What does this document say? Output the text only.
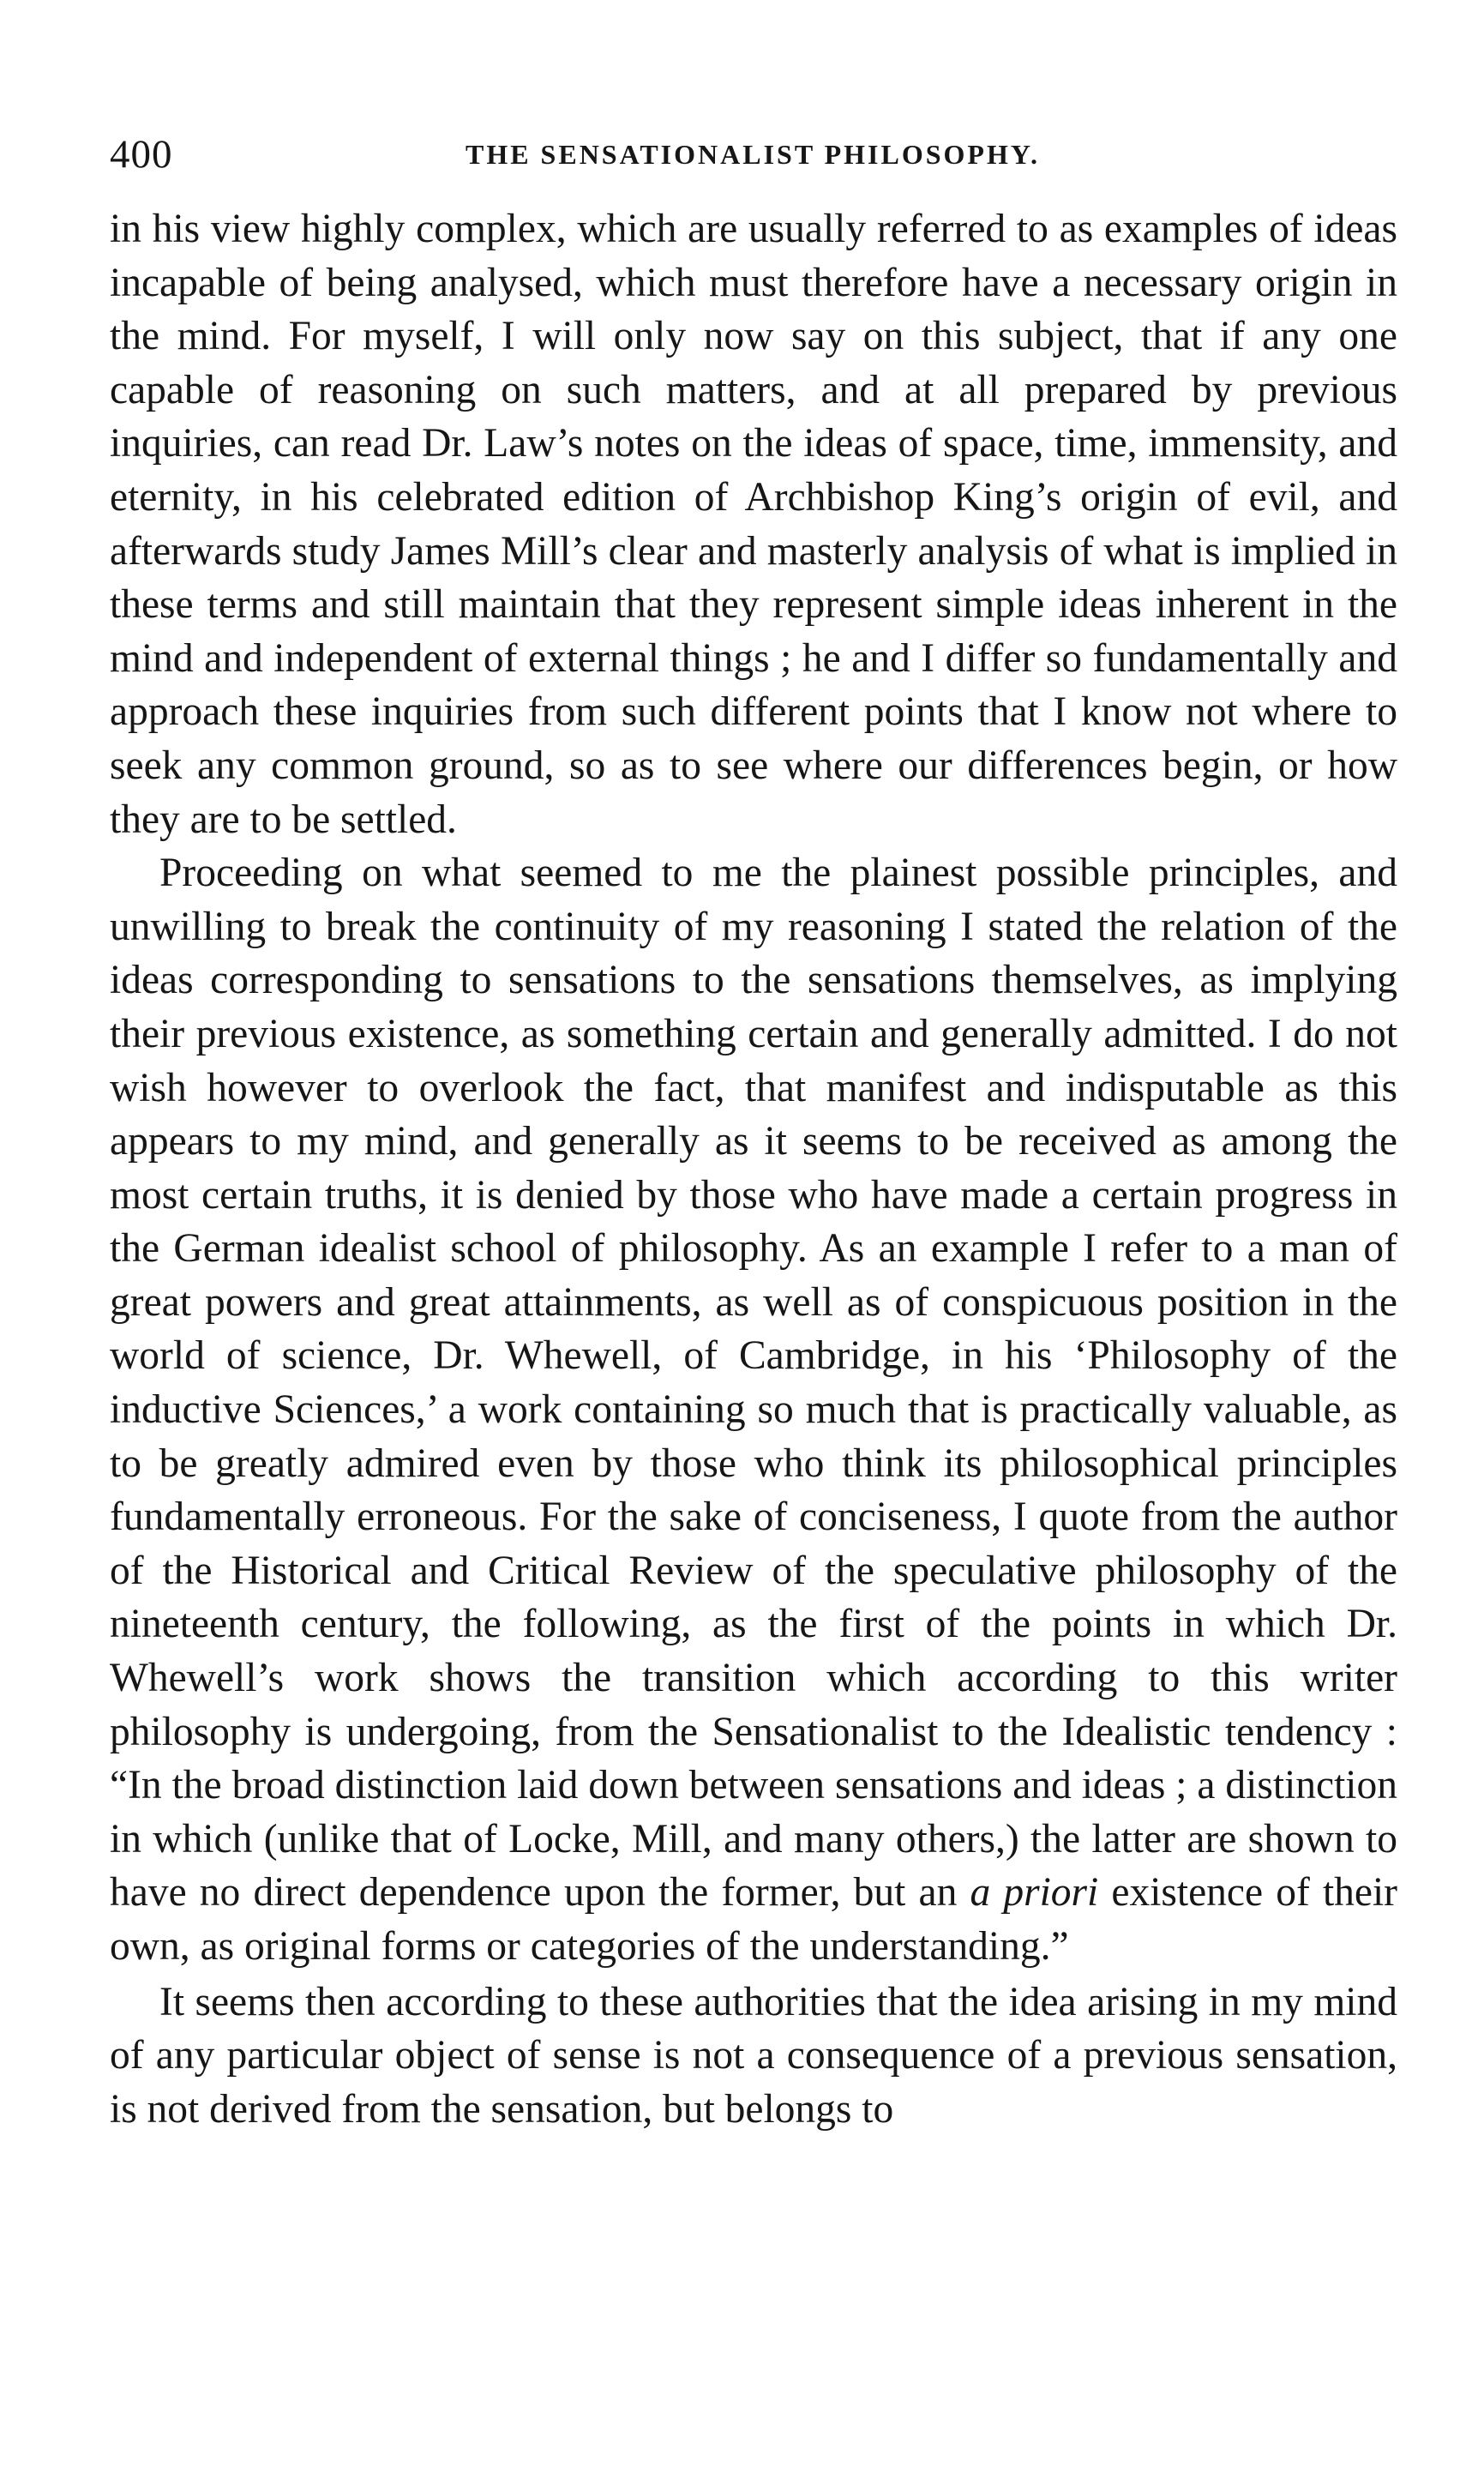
400	THE SENSATIONALIST PHILOSOPHY.

in his view highly complex, which are usually referred to as examples of ideas incapable of being analysed, which must therefore have a necessary origin in the mind. For myself, I will only now say on this subject, that if any one capable of reasoning on such matters, and at all prepared by previous inquiries, can read Dr. Law’s notes on the ideas of space, time, immensity, and eternity, in his celebrated edition of Archbishop King’s origin of evil, and afterwards study James Mill’s clear and masterly analysis of what is implied in these terms and still maintain that they represent simple ideas inherent in the mind and independent of external things ; he and I differ so fundamentally and approach these inquiries from such different points that I know not where to seek any common ground, so as to see where our differences begin, or how they are to be settled.

Proceeding on what seemed to me the plainest possible principles, and unwilling to break the continuity of my reasoning I stated the relation of the ideas corresponding to sensations to the sensations themselves, as implying their previous existence, as something certain and generally admitted. I do not wish however to overlook the fact, that manifest and indisputable as this appears to my mind, and generally as it seems to be received as among the most certain truths, it is denied by those who have made a certain progress in the German idealist school of philosophy. As an example I refer to a man of great powers and great attainments, as well as of conspicuous position in the world of science, Dr. Whewell, of Cambridge, in his ‘Philosophy of the inductive Sciences,’ a work containing so much that is practically valuable, as to be greatly admired even by those who think its philosophical principles fundamentally erroneous. For the sake of conciseness, I quote from the author of the Historical and Critical Review of the speculative philosophy of the nineteenth century, the following, as the first of the points in which Dr. Whewell’s work shows the transition which according to this writer philosophy is undergoing, from the Sensationalist to the Idealistic tendency : “In the broad distinction laid down between sensations and ideas ; a distinction in which (unlike that of Locke, Mill, and many others,) the latter are shown to have no direct dependence upon the former, but an a priori existence of their own, as original forms or categories of the understanding.”

It seems then according to these authorities that the idea arising in my mind of any particular object of sense is not a consequence of a previous sensation, is not derived from the sensation, but belongs to
